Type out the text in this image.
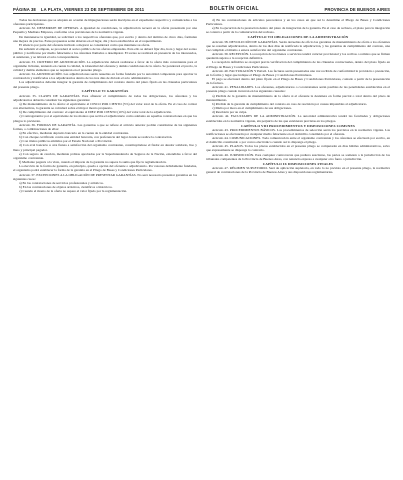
PÁGINA 38 LA PLATA, VIERNES 23 DE SEPTIEMBRE DE 2011	BOLETÍN OFICIAL	PROVINCIA DE BUENOS AIRES

Todas las decisiones que se adopten en ocasión de impugnaciones serán inscriptas en el expediente respectivo y comunicadas a los oferentes participantes.

Artículo 32. DESEMPATE DE OFERTAS. A igualdad de condiciones, la adjudicación recaerá en la oferta presentada por una Pequeña y Mediana Empresa, conforme a las previsiones de la normativa vigente.

De mantenerse la igualdad, se solicitará a los respectivos oferentes que, por escrito y dentro del término de cinco días, formulen una mejora de precios. Estas propuestas serán abiertas en el lugar, día y hora establecidos en el requerimiento.

El silencio por parte del oferente invitado a mejorar se considerará como que mantiene su oferta.

De subsistir el empate, se procederá al sorteo público de las ofertas empatadas. Para ello se deberá fijar día, hora y lugar del sorteo público y notificarse por medio fehaciente a los oferentes llamados a desempatar. El sorteo se realizará en presencia de los interesados, si asistieren, y se labrará el acta correspondiente.

Artículo 33. CRITERIO DE ADJUDICACIÓN. La adjudicación deberá realizarse a favor de la oferta más conveniente para el organismo licitante, teniendo en cuenta la calidad, la idoneidad del oferente y demás condiciones de la oferta. Se ponderará el precio, la calidad y demás elementos que se requieran en el presente pliego.

Artículo 34. ADJUDICACIÓN. Las adjudicaciones serán resueltas en forma fundada por la autoridad competente para aprobar la contratación y notificadas a los adjudicatarios dentro de los tres días de dictado el acto administrativo.

Los adjudicatarios deberán integrar la garantía de cumplimiento del contrato dentro del plazo fijado en las cláusulas particulares del presente pliego.

CAPÍTULO VI GARANTÍAS

Artículo 35. CLASES DE GARANTÍAS. Para afianzar el cumplimiento de todas las obligaciones, los oferentes y los adjudicatarios deberán constituir las siguientes garantías:

a) De mantenimiento de la oferta: el equivalente al CINCO POR CIENTO (5%) del valor total de la oferta. En el caso de cotizar con alternativas, la garantía se calculará sobre el mayor monto propuesto.

b) De cumplimiento del contrato: el equivalente al DIEZ POR CIENTO (10%) del valor total de la adjudicación.

c) Contragarantía: por el equivalente de los montos que reciba el adjudicatario como adelanto en aquellas contrataciones en que los pliegos lo previeran.

Artículo 36. FORMAS DE GARANTÍA. Las garantías a que se refiere el artículo anterior podrán constituirse de las siguientes formas, o combinaciones de ellas:

a) En efectivo, mediante depósito bancario en la cuenta de la entidad contratante.

b) Con cheque certificado contra una entidad bancaria, con preferencia del lugar donde se realice la contratación.

c) Con títulos públicos emitidos por el Estado Nacional o Provincial.

d) Con aval bancario u otra fianza a satisfacción del organismo contratante, constituyéndose el fiador en deudor solidario, liso y llano y principal pagador.

e) Con seguro de caución, mediante pólizas aprobadas por la Superintendencia de Seguros de la Nación, extendidas a favor del organismo contratante.

f) Mediante pagarés a la vista, cuando el importe de la garantía no supere la suma que fije la reglamentación.

La elección de la forma de garantía, en principio, queda a opción del oferente o adjudicatario. Por razones debidamente fundadas, el organismo podrá establecer la forma de la garantía en el Pliego de Bases y Condiciones Particulares.

Artículo 37. EXCEPCIONES A LA OBLIGACIÓN DE PRESENTAR GARANTÍAS. No será necesario presentar garantías en los siguientes casos:

a) En las contrataciones de servicios profesionales y artísticos.

b) En las contrataciones de objetos artísticos, científicos o históricos.

c) Cuando el monto de la oferta no supere el valor fijado por la reglamentación.

d) En las contrataciones de artículos perecederos y en los casos en que así lo determine el Pliego de Bases y Condiciones Particulares.

e) En la ejecución de la prestación dentro del plazo de integración de la garantía. En el caso de rechazo, el plazo para la integración se contará a partir de la comunicación del rechazo.

CAPÍTULO VII OBLIGACIONES DE LA ADMINISTRACIÓN

Artículo 38. DEVOLUCIÓN DE GARANTÍAS. Serán devueltas de oficio las garantías de mantenimiento de oferta a los oferentes que no resulten adjudicatarios, dentro de los diez días de notificada la adjudicación, y las garantías de cumplimiento del contrato, una vez cumplido el mismo a entera satisfacción del organismo contratante.

Artículo 39. RECEPCIÓN. La recepción de los bienes o servicios tendrá carácter provisional y los recibos o remitos que se firmen quedarán sujetos a la recepción definitiva.

La recepción definitiva se otorgará previa verificación del cumplimiento de las cláusulas contractuales, dentro del plazo fijado en el Pliego de Bases y Condiciones Particulares.

Artículo 40. FACTURACIÓN Y PAGO. Las facturas serán presentadas una vez recibida de conformidad la provisión o prestación, en la forma y lugar que indique el Pliego de Bases y Condiciones Particulares.

El pago se efectuará dentro del plazo fijado en el Pliego de Bases y Condiciones Particulares, contado a partir de la presentación de la factura.

Artículo 41. PENALIDADES. Los oferentes, adjudicatarios o cocontratantes serán pasibles de las penalidades establecidas en el presente pliego cuando incurran en las siguientes causales:

a) Pérdida de la garantía de mantenimiento de la oferta si el oferente la desistiere en forma parcial o total dentro del plazo de mantenimiento.

b) Pérdida de la garantía de cumplimiento del contrato en caso de rescisión por causas imputables al adjudicatario.

c) Multa por mora en el cumplimiento de sus obligaciones.

d) Rescisión por su culpa.

Artículo 42. FACULTADES DE LA ADMINISTRACIÓN. La autoridad administrativa tendrá las facultades y obligaciones establecidas en la normativa vigente, sin perjuicio de las que estuvieren previstas en los pliegos.

CAPÍTULO VIII PROCEDIMIENTOS Y DISPOSICIONES COMUNES

Artículo 43. PROCEDIMIENTOS BÁSICOS. Los procedimientos de selección serán los previstos en la normativa vigente. Las notificaciones se efectuarán por cualquier medio fehaciente en el domicilio constituido por el oferente.

Artículo 44. COMUNICACIONES. Toda comunicación entre el organismo contratante y los oferentes se efectuará por escrito, en el domicilio constituido o por correo electrónico cuando así lo disponga el pliego.

Artículo 45. PLAZOS. Todos los plazos establecidos en el presente pliego se computarán en días hábiles administrativos, salvo que expresamente se disponga lo contrario.

Artículo 46. JURISDICCIÓN. Para cualquier controversia que pudiera suscitarse, las partes se someten a la jurisdicción de los tribunales competentes de la Provincia de Buenos Aires, con renuncia expresa a cualquier otro fuero o jurisdicción.

CAPÍTULO IX DISPOSICIONES FINALES

Artículo 47. RÉGIMEN SUPLETORIO. Será de aplicación supletoria, en todo lo no previsto en el presente pliego, la normativa general de contrataciones de la Provincia de Buenos Aires y sus disposiciones reglamentarias.
